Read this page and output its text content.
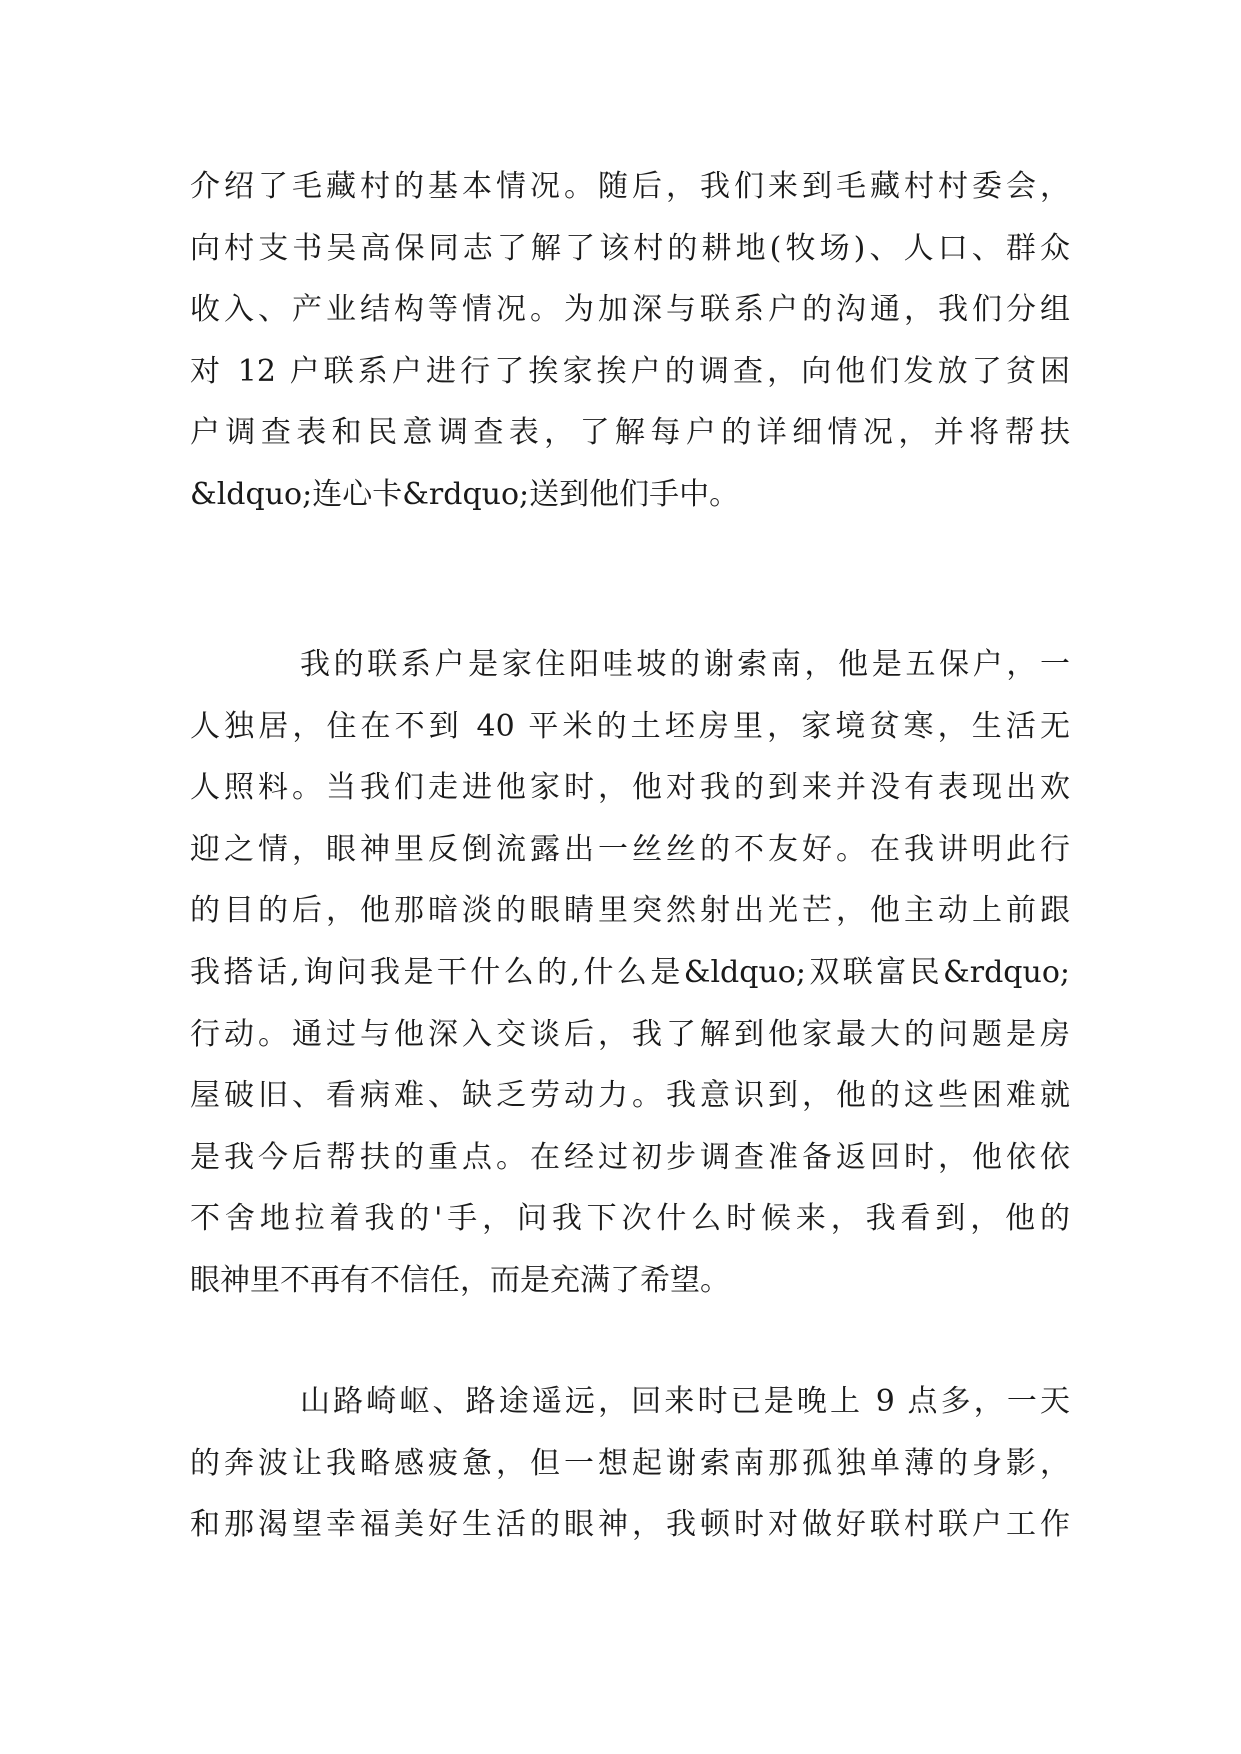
介绍了毛藏村的基本情况。随后，我们来到毛藏村村委会，
向村支书吴高保同志了解了该村的耕地(牧场)、人口、群众
收入、产业结构等情况。为加深与联系户的沟通，我们分组
对 12 户联系户进行了挨家挨户的调查，向他们发放了贫困
户调查表和民意调查表，了解每户的详细情况，并将帮扶
&ldquo;连心卡&rdquo;送到他们手中。
我的联系户是家住阳哇坡的谢索南，他是五保户，一
人独居，住在不到 40 平米的土坯房里，家境贫寒，生活无
人照料。当我们走进他家时，他对我的到来并没有表现出欢
迎之情，眼神里反倒流露出一丝丝的不友好。在我讲明此行
的目的后，他那暗淡的眼睛里突然射出光芒，他主动上前跟
我搭话,询问我是干什么的,什么是&ldquo;双联富民&rdquo;
行动。通过与他深入交谈后，我了解到他家最大的问题是房
屋破旧、看病难、缺乏劳动力。我意识到，他的这些困难就
是我今后帮扶的重点。在经过初步调查准备返回时，他依依
不舍地拉着我的'手，问我下次什么时候来，我看到，他的
眼神里不再有不信任，而是充满了希望。
山路崎岖、路途遥远，回来时已是晚上 9 点多，一天
的奔波让我略感疲惫，但一想起谢索南那孤独单薄的身影，
和那渴望幸福美好生活的眼神，我顿时对做好联村联户工作
